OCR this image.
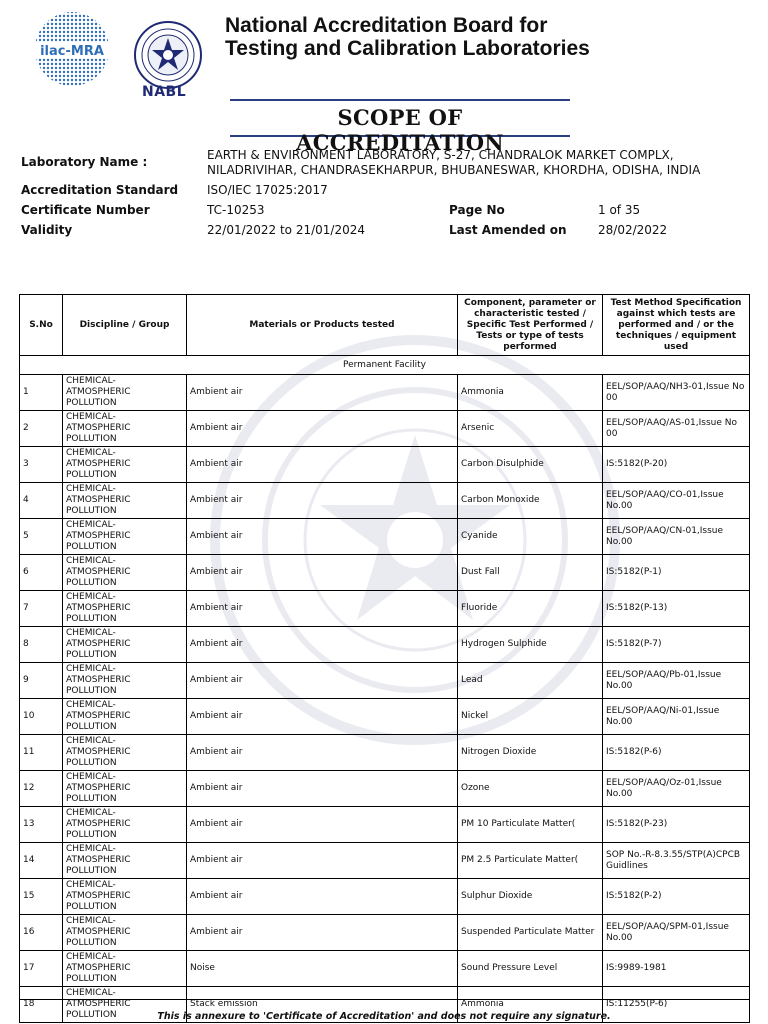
ilac-MRA
NABL
National Accreditation Board for
Testing and Calibration Laboratories
SCOPE OF ACCREDITATION
Laboratory Name :	EARTH & ENVIRONMENT LABORATORY, S-27, CHANDRALOK MARKET COMPLX,
NILADRIVIHAR, CHANDRASEKHARPUR, BHUBANESWAR, KHORDHA, ODISHA, INDIA
Accreditation Standard ISO/IEC 17025:2017
Certificate Number	TC-10253	Page No	1 of 35
Validity	22/01/2022 to 21/01/2024	Last Amended on	28/02/2022
S.No	Discipline / Group	Materials or Products tested	Component, parameter or characteristic tested / Specific Test Performed / Tests or type of tests performed	Test Method Specification against which tests are performed and / or the techniques / equipment used
Permanent Facility				
1	CHEMICAL- ATMOSPHERIC POLLUTION	Ambient air	Ammonia	EEL/SOP/AAQ/NH3-01,Issue No 00
2	CHEMICAL- ATMOSPHERIC POLLUTION	Ambient air	Arsenic	EEL/SOP/AAQ/AS-01,Issue No 00
3	CHEMICAL- ATMOSPHERIC POLLUTION	Ambient air	Carbon Disulphide	IS:5182(P-20)
4	CHEMICAL- ATMOSPHERIC POLLUTION	Ambient air	Carbon Monoxide	EEL/SOP/AAQ/CO-01,Issue No.00
5	CHEMICAL- ATMOSPHERIC POLLUTION	Ambient air	Cyanide	EEL/SOP/AAQ/CN-01,Issue No.00
6	CHEMICAL- ATMOSPHERIC POLLUTION	Ambient air	Dust Fall	IS:5182(P-1)
7	CHEMICAL- ATMOSPHERIC POLLUTION	Ambient air	Fluoride	IS:5182(P-13)
8	CHEMICAL- ATMOSPHERIC POLLUTION	Ambient air	Hydrogen Sulphide	IS:5182(P-7)
9	CHEMICAL- ATMOSPHERIC POLLUTION	Ambient air	Lead	EEL/SOP/AAQ/Pb-01,Issue No.00
10	CHEMICAL- ATMOSPHERIC POLLUTION	Ambient air	Nickel	EEL/SOP/AAQ/Ni-01,Issue No.00
11	CHEMICAL- ATMOSPHERIC POLLUTION	Ambient air	Nitrogen Dioxide	IS:5182(P-6)
12	CHEMICAL- ATMOSPHERIC POLLUTION	Ambient air	Ozone	EEL/SOP/AAQ/Oz-01,Issue No.00
13	CHEMICAL- ATMOSPHERIC POLLUTION	Ambient air	PM 10 Particulate Matter(	IS:5182(P-23)
14	CHEMICAL- ATMOSPHERIC POLLUTION	Ambient air	PM 2.5 Particulate Matter(	SOP No.-R-8.3.55/STP(A)CPCB Guidlines
15	CHEMICAL- ATMOSPHERIC POLLUTION	Ambient air	Sulphur Dioxide	IS:5182(P-2)
16	CHEMICAL- ATMOSPHERIC POLLUTION	Ambient air	Suspended Particulate Matter	EEL/SOP/AAQ/SPM-01,Issue No.00
17	CHEMICAL- ATMOSPHERIC POLLUTION	Noise	Sound Pressure Level	IS:9989-1981
18	CHEMICAL- ATMOSPHERIC POLLUTION	Stack emission	Ammonia	IS:11255(P-6)
This is annexure to 'Certificate of Accreditation' and does not require any signature.
